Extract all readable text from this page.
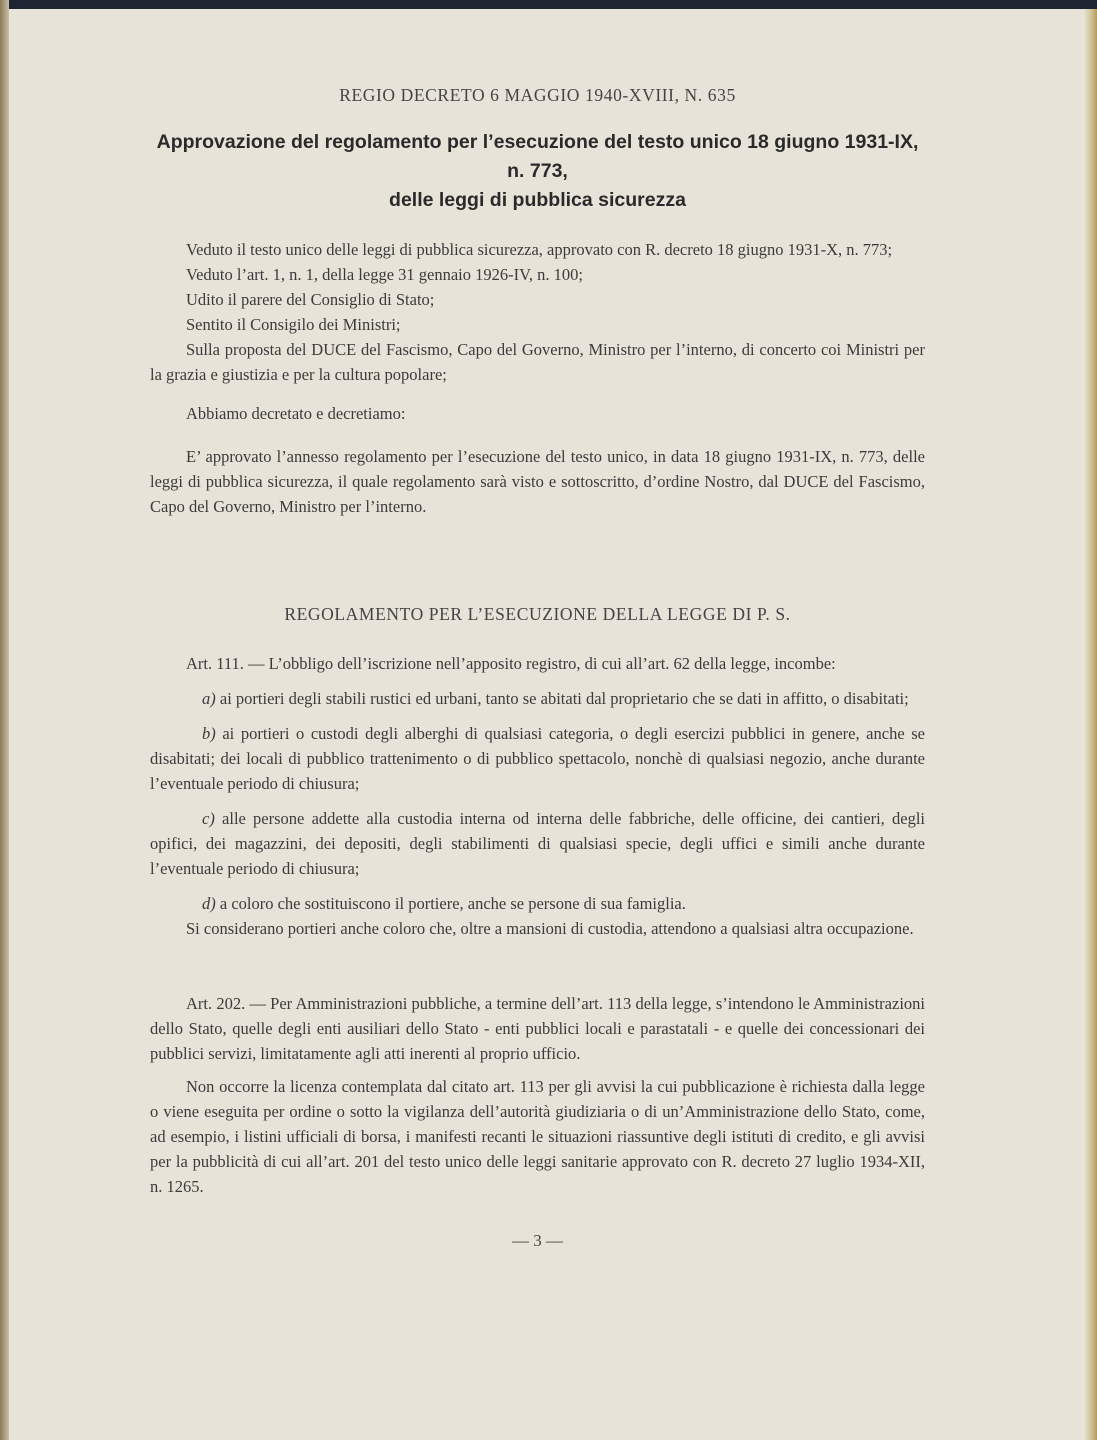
REGIO DECRETO 6 MAGGIO 1940-XVIII, N. 635
Approvazione del regolamento per l’esecuzione del testo unico 18 giugno 1931-IX, n. 773,
delle leggi di pubblica sicurezza

Veduto il testo unico delle leggi di pubblica sicurezza, approvato con R. decreto 18 giugno 1931-X, n. 773;

Veduto l’art. 1, n. 1, della legge 31 gennaio 1926-IV, n. 100;

Udito il parere del Consiglio di Stato;

Sentito il Consigilo dei Ministri;

Sulla proposta del DUCE del Fascismo, Capo del Governo, Ministro per l’interno, di concerto coi Ministri per la grazia e giustizia e per la cultura popolare;

Abbiamo decretato e decretiamo:

E’ approvato l’annesso regolamento per l’esecuzione del testo unico, in data 18 giugno 1931-IX, n. 773, delle leggi di pubblica sicurezza, il quale regolamento sarà visto e sottoscritto, d’ordine Nostro, dal DUCE del Fascismo, Capo del Governo, Ministro per l’interno.

REGOLAMENTO PER L’ESECUZIONE DELLA LEGGE DI P. S.

Art. 111. — L’obbligo dell’iscrizione nell’apposito registro, di cui all’art. 62 della legge, incombe:

a) ai portieri degli stabili rustici ed urbani, tanto se abitati dal proprietario che se dati in affitto, o disabitati;

b) ai portieri o custodi degli alberghi di qualsiasi categoria, o degli esercizi pubblici in genere, anche se disabitati; dei locali di pubblico trattenimento o di pubblico spettacolo, nonchè di qualsiasi negozio, anche durante l’eventuale periodo di chiusura;

c) alle persone addette alla custodia interna od interna delle fabbriche, delle officine, dei cantieri, degli opifici, dei magazzini, dei depositi, degli stabilimenti di qualsiasi specie, degli uffici e simili anche durante l’eventuale periodo di chiusura;

d) a coloro che sostituiscono il portiere, anche se persone di sua famiglia.

Si considerano portieri anche coloro che, oltre a mansioni di custodia, attendono a qualsiasi altra occupazione.

Art. 202. — Per Amministrazioni pubbliche, a termine dell’art. 113 della legge, s’intendono le Amministrazioni dello Stato, quelle degli enti ausiliari dello Stato - enti pubblici locali e parastatali - e quelle dei concessionari dei pubblici servizi, limitatamente agli atti inerenti al proprio ufficio.

Non occorre la licenza contemplata dal citato art. 113 per gli avvisi la cui pubblicazione è richiesta dalla legge o viene eseguita per ordine o sotto la vigilanza dell’autorità giudiziaria o di un’Amministrazione dello Stato, come, ad esempio, i listini ufficiali di borsa, i manifesti recanti le situazioni riassuntive degli istituti di credito, e gli avvisi per la pubblicità di cui all’art. 201 del testo unico delle leggi sanitarie approvato con R. decreto 27 luglio 1934-XII, n. 1265.

— 3 —
